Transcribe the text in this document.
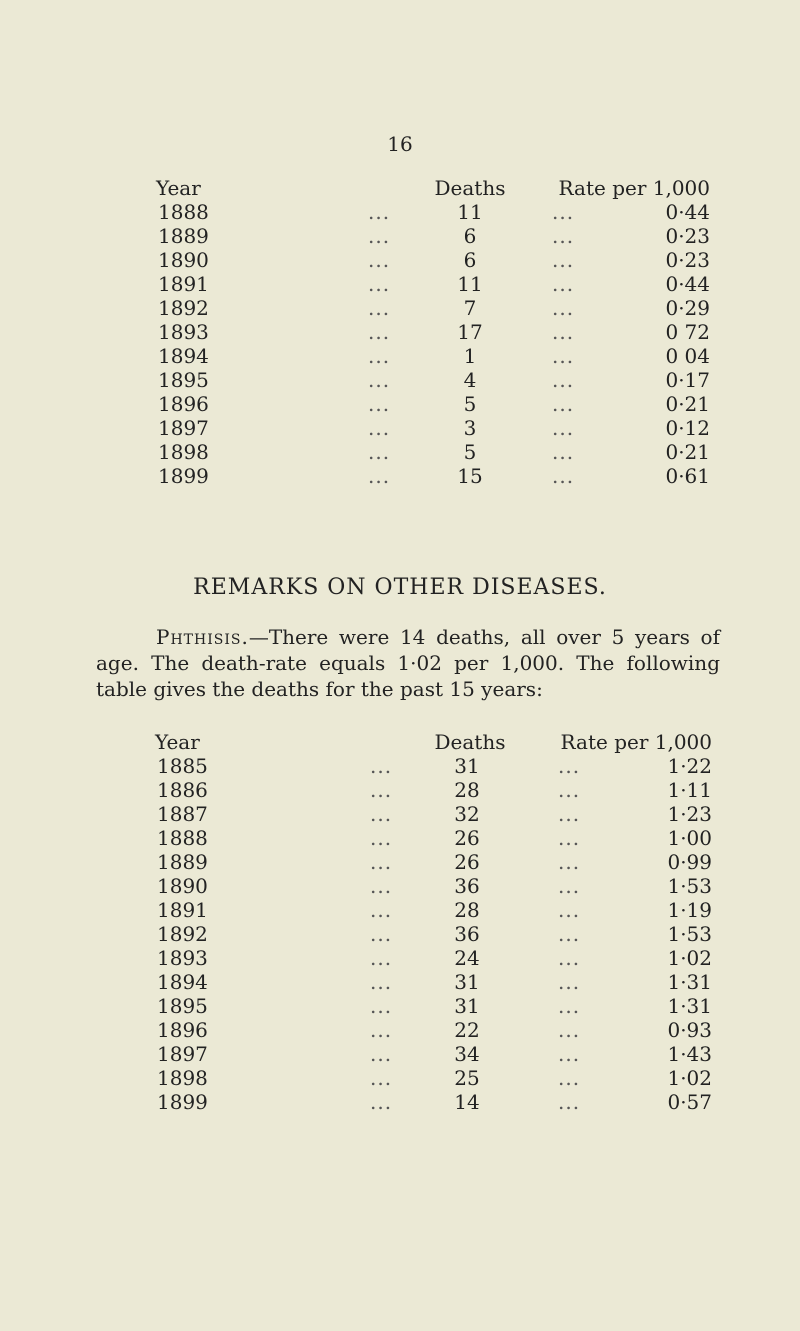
16
Year	Deaths	Rate per 1,000
1888	...	11	...	0·44
1889	...	6	...	0·23
1890	...	6	...	0·23
1891	...	11	...	0·44
1892	...	7	...	0·29
1893	...	17	...	0 72
1894	...	1	...	0 04
1895	...	4	...	0·17
1896	...	5	...	0·21
1897	...	3	...	0·12
1898	...	5	...	0·21
1899	...	15	...	0·61
REMARKS ON OTHER DISEASES.
Phthisis.—There were 14 deaths, all over 5 years of age. The death-rate equals 1·02 per 1,000. The following table gives the deaths for the past 15 years:
Year	Deaths	Rate per 1,000
1885	...	31	...	1·22
1886	...	28	...	1·11
1887	...	32	...	1·23
1888	...	26	...	1·00
1889	...	26	...	0·99
1890	...	36	...	1·53
1891	...	28	...	1·19
1892	...	36	...	1·53
1893	...	24	...	1·02
1894	...	31	...	1·31
1895	...	31	...	1·31
1896	...	22	...	0·93
1897	...	34	...	1·43
1898	...	25	...	1·02
1899	...	14	...	0·57
